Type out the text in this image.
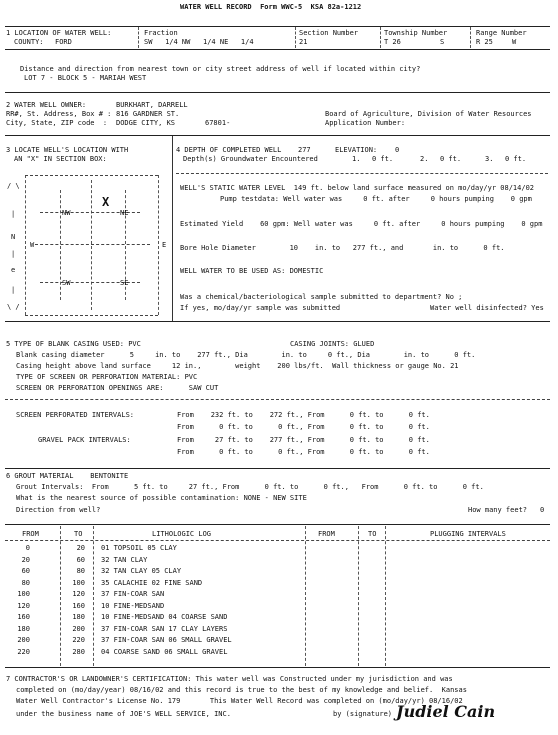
WATER WELL RECORD  Form WWC-5  KSA 82a-1212
1 LOCATION OF WATER WELL:
COUNTY: FORD
Fraction
SW   1/4 NW   1/4 NE   1/4
Section Number
21
Township Number
T 26	S
Range Number
R 25	W
Distance and direction from nearest town or city street address of well if located within city?
LOT 7 - BLOCK 5 - MARIAH WEST
2 WATER WELL OWNER:	BURKHART, DARRELL
RR#, St. Address, Box # : 816 GARDNER ST.	Board of Agriculture, Division of Water Resources
City, State, ZIP code  : DODGE CITY, KS	67801-	Application Number:
3 LOCATE WELL'S LOCATION WITH
AN "X" IN SECTION BOX:
/ \
|
N
|
e
|
\ /
NW	NE
SW	SE
W	E
X
4 DEPTH OF COMPLETED WELL 277	ELEVATION:	0
Depth(s) Groundwater Encountered	1. 0 ft.	2. 0 ft.	3. 0 ft.
WELL'S STATIC WATER LEVEL  149 ft. below land surface measured on mo/day/yr 08/14/02
Pump testdata: Well water was     0 ft. after     0 hours pumping    0 gpm
Estimated Yield    60 gpm: Well water was     0 ft. after     0 hours pumping    0 gpm
Bore Hole Diameter        10    in. to   277 ft., and       in. to      0 ft.
WELL WATER TO BE USED AS: DOMESTIC
Was a chemical/bacteriological sample submitted to department? No ;
If yes, mo/day/yr sample was submitted	Water well disinfected? Yes
5 TYPE OF BLANK CASING USED: PVC	CASING JOINTS: GLUED
Blank casing diameter      5     in. to    277 ft., Dia        in. to     0 ft., Dia        in. to      0 ft.
Casing height above land surface     12 in.,        weight    200 lbs/ft.  Wall thickness or gauge No. 21
TYPE OF SCREEN OR PERFORATION MATERIAL: PVC
SCREEN OR PERFORATION OPENINGS ARE:      SAW CUT
SCREEN PERFORATED INTERVALS:	From    232 ft. to    272 ft., From      0 ft. to      0 ft.
From      0 ft. to      0 ft., From      0 ft. to      0 ft.
GRAVEL PACK INTERVALS:	From     27 ft. to    277 ft., From      0 ft. to      0 ft.
From      0 ft. to      0 ft., From      0 ft. to      0 ft.
6 GROUT MATERIAL    BENTONITE
Grout Intervals:  From      5 ft. to     27 ft., From      0 ft. to      0 ft.,   From      0 ft. to      0 ft.
What is the nearest source of possible contamination: NONE - NEW SITE
Direction from well?	How many feet? 0
FROM	TO	LITHOLOGIC LOG	FROM	TO	PLUGGING INTERVALS
0	20 01 TOPSOIL 05 CLAY
20	60 32 TAN CLAY
60	80 32 TAN CLAY 05 CLAY
80	100 35 CALACHIE 02 FINE SAND
100	120 37 FIN-COAR SAN
120	160 10 FINE-MEDSAND
160	180 10 FINE-MEDSAND 04 COARSE SAND
180	200 37 FIN-COAR SAN 17 CLAY LAYERS
200	220 37 FIN-COAR SAN 06 SMALL GRAVEL
220	280 04 COARSE SAND 06 SMALL GRAVEL
7 CONTRACTOR'S OR LANDOWNER'S CERTIFICATION: This water well was Constructed under my jurisdiction and was
completed on (mo/day/year) 08/16/02 and this record is true to the best of my knowledge and belief.  Kansas
Water Well Contractor's License No. 179       This Water Well Record was completed on (mo/day/yr) 08/16/02
under the business name of JOE'S WELL SERVICE, INC.	by (signature) Judiel Cain
